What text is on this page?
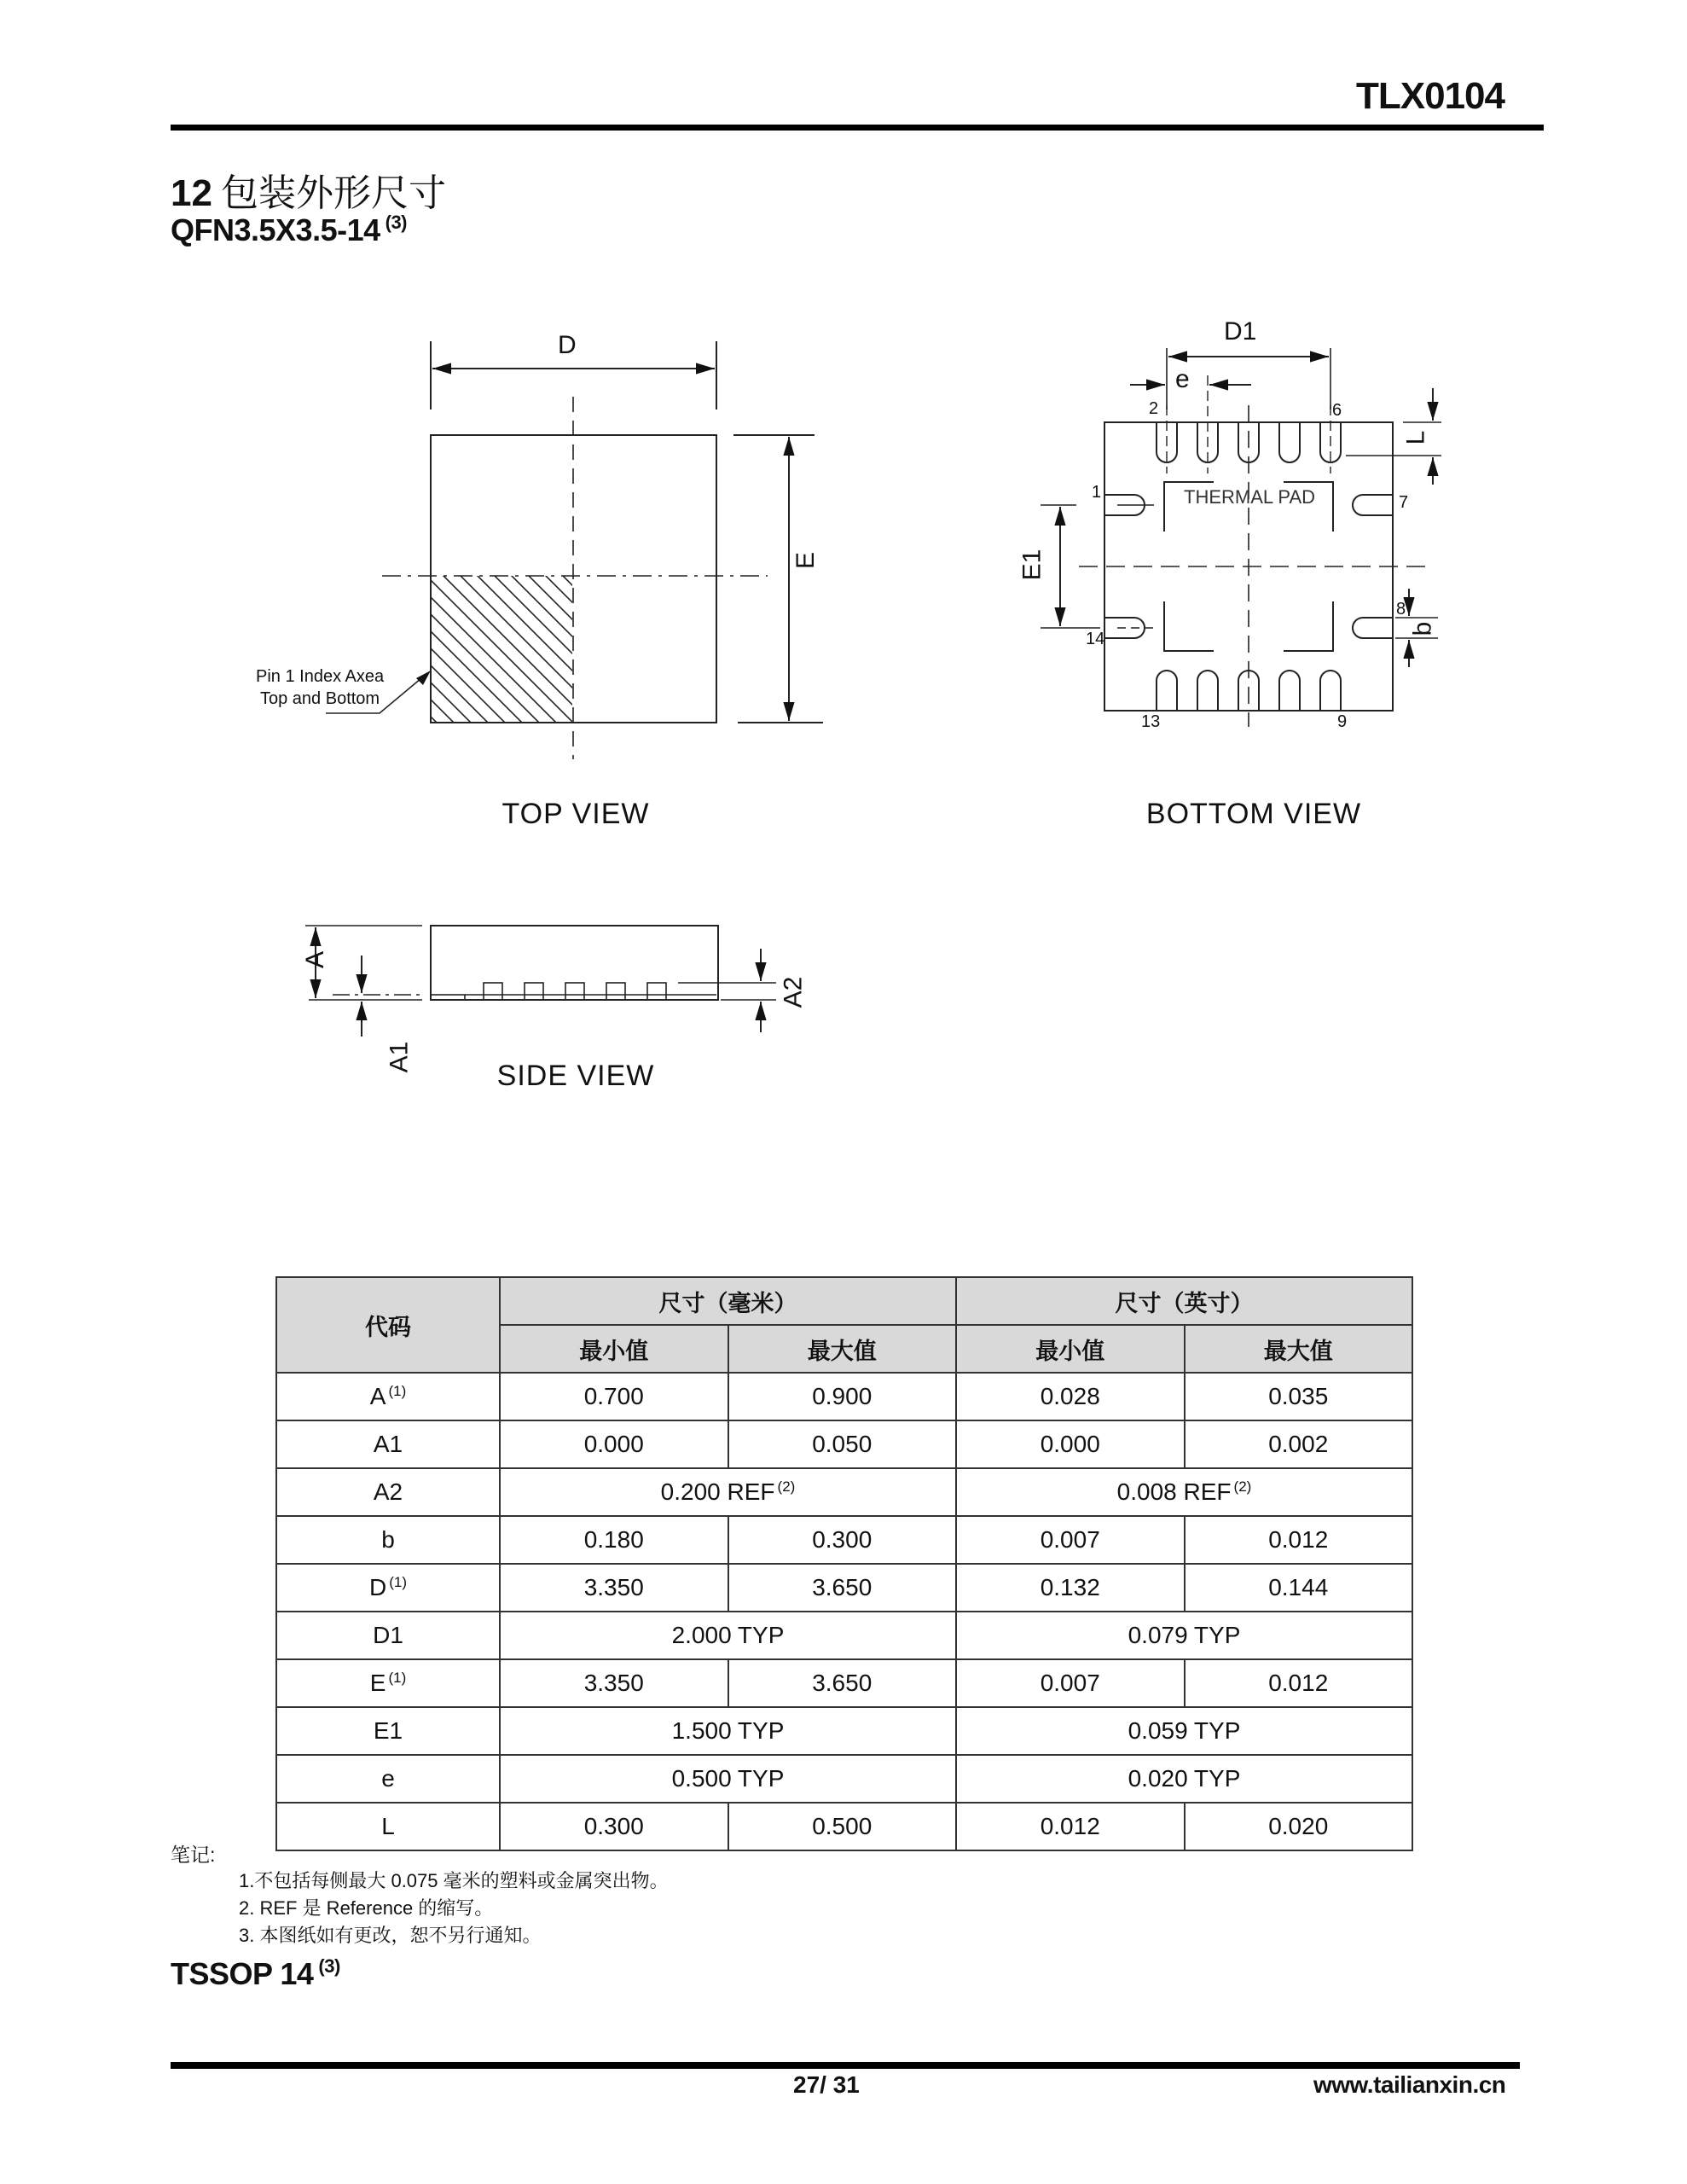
TLX0104
12 包装外形尺寸
QFN3.5X3.5-14 $^{(3)}$
D
E
Pin 1 Index Axea
Top and Bottom
TOP VIEW
D1
e
L
E1
b
THERMAL PAD
2	6
1
7
8
14
13	9
BOTTOM VIEW
A
A1
A2
SIDE VIEW
代码	尺寸（毫米）		尺寸（英寸）	
	最小值	最大值	最小值	最大值
A $^{(1)}$	0.700	0.900	0.028	0.035
A1	0.000	0.050	0.000	0.002
A2	0.200 REF $^{(2)}$		0.008 REF $^{(2)}$
b	0.180	0.300	0.007	0.012
D $^{(1)}$	3.350	3.650	0.132	0.144
D1	2.000 TYP		0.079 TYP	
E $^{(1)}$	3.350	3.650	0.007	0.012
E1	1.500 TYP		0.059 TYP	
e	0.500 TYP		0.020 TYP	
L	0.300	0.500	0.012	0.020
笔记:
1.不包括每侧最大 0.075 毫米的塑料或金属突出物。
2. REF 是 Reference 的缩写。
3. 本图纸如有更改，恕不另行通知。
TSSOP 14 $^{(3)}$
27/ 31	www.tailianxin.cn
